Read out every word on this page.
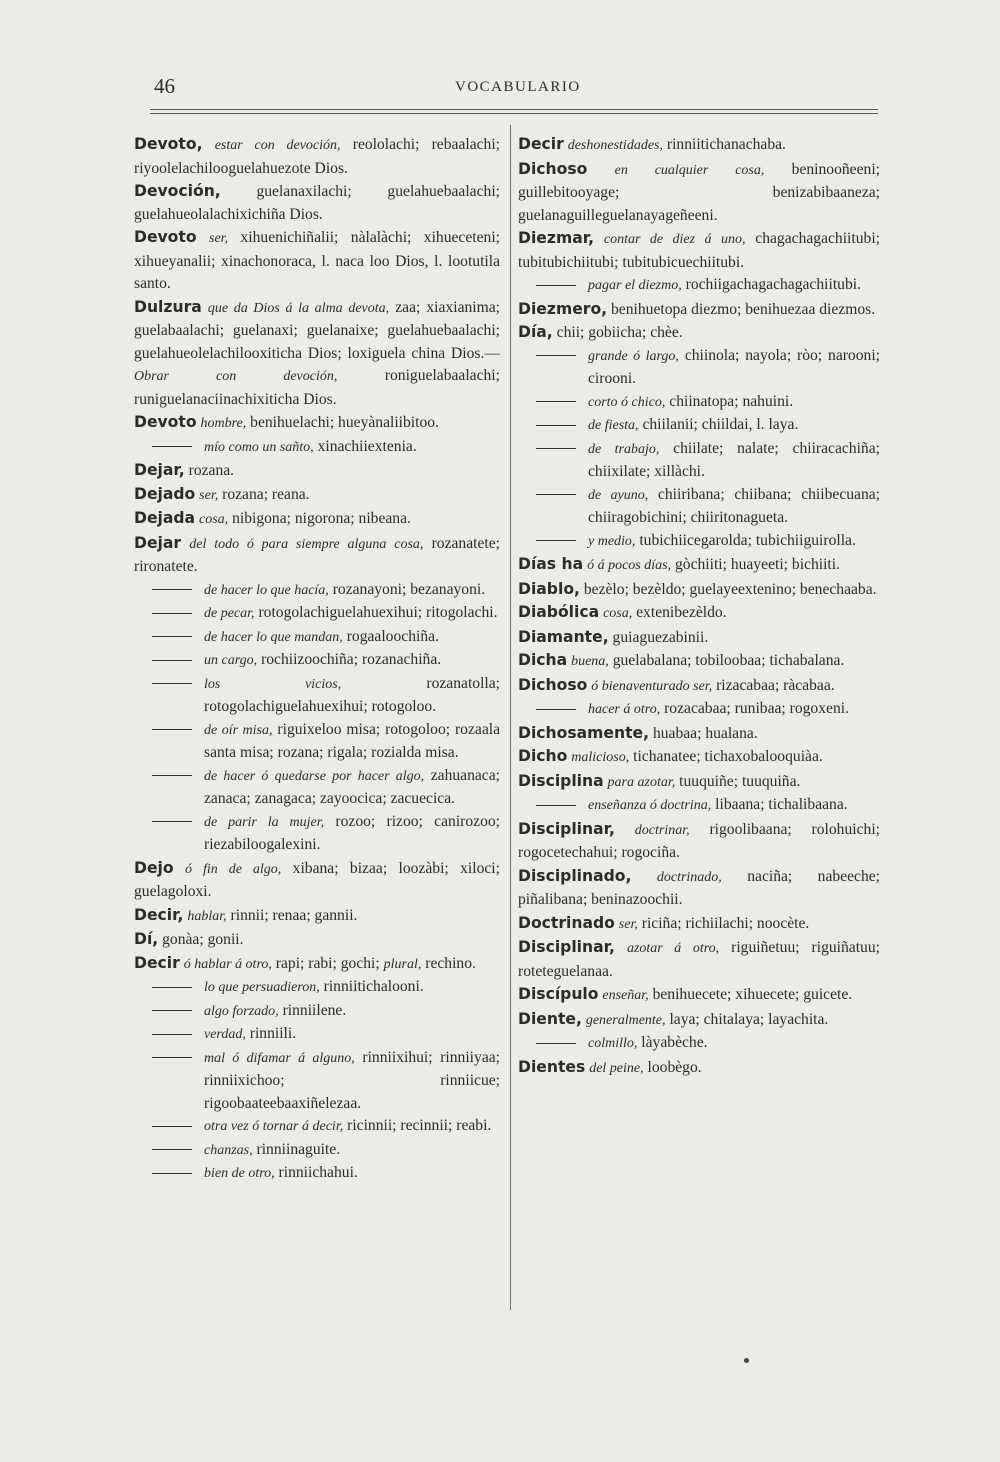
46	VOCABULARIO

Devoto, estar con devoción, reololachi; rebaalachi; riyoolelachilooguelahuezote Dios.

Devoción, guelanaxilachi; guelahuebaalachi; guelahueolalachixichiña Dios.

Devoto ser, xihuenichiñalii; nàlalàchi; xihueceteni; xihueyanalii; xinachonoraca, l. naca loo Dios, l. lootutila santo.

Dulzura que da Dios á la alma devota, zaa; xiaxianima; guelabaalachi; guelanaxi; guelanaixe; guelahuebaalachi; guelahueolelachilooxiticha Dios; loxiguela china Dios.— Obrar con devoción,	roniguelabaalachi; runiguelanaciinachixiticha Dios.

Devoto hombre, benihuelachi; hueyànaliibitoo.

mío como un sañto, xinachiiextenia.

Dejar, rozana.

Dejado ser, rozana; reana.

Dejada cosa, nibigona; nigorona; nibeana.

Dejar del todo ó para siempre alguna cosa, rozanatete; rironatete.

de hacer lo que hacía, rozanayoni; bezanayoni.

de pecar, rotogolachiguelahuexihui; ritogolachi.

de hacer lo que mandan, rogaaloochiña.

un cargo, rochiizoochiña; rozanachiña.

los vicios,	rozanatolla; rotogolachiguelahuexihui; rotogoloo.

de oír misa, riguixeloo misa; rotogoloo; rozaala santa misa; rozana; rigala; rozialda misa.

de hacer ó quedarse por hacer algo, zahuanaca; zanaca; zanagaca; zayoocica; zacuecica.

de parir la mujer, rozoo; rizoo; canirozoo; riezabiloogalexini.

Dejo ó fin de algo, xibana; bizaa; loozàbi; xiloci; guelagoloxi.

Decir, hablar, rinnii; renaa; gannii.

Dí, gonàa; gonii.

Decir ó hablar á otro, rapi; rabi; gochi; plural, rechino.

lo que persuadieron, rinniitichalooni.

algo forzado, rinniilene.

verdad, rinniili.

mal ó difamar á alguno, rinniixihui; rinniiyaa; rinniixichoo; rinniicue; rigoobaateebaaxiñelezaa.

otra vez ó tornar á decir, ricinnii; recinnii; reabi.

chanzas, rinniinaguite.

bien de otro, rinniichahui.

Decir deshonestidades, rinniitichanachaba.

Dichoso en cualquier cosa, beninooñeeni; guillebitooyage; benizabibaaneza; guelanaguilleguelanayageñeeni.

Diezmar, contar de diez á uno, chagachagachiitubi; tubitubichiitubi; tubitubicuechiitubi.

pagar el diezmo, rochiigachagachagachiitubi.

Diezmero, benihuetopa diezmo; benihuezaa diezmos.

Día, chii; gobiicha; chèe.

grande ó largo, chiinola; nayola; ròo; narooni; cirooni.

corto ó chico, chiinatopa; nahuini.

de fiesta, chiilanii; chiildai, l. laya.

de trabajo, chiilate; nalate; chiiracachiña; chiixilate; xillàchi.

de ayuno, chiiribana; chiibana; chiibecuana; chiiragobichini; chiiritonagueta.

y medio, tubichiicegarolda; tubichiiguirolla.

Días ha ó á pocos días, gòchiiti; huayeeti; bichiiti.

Diablo, bezèlo; bezèldo; guelayeextenino; benechaaba.

Diabólica cosa, extenibezèldo.

Diamante, guiaguezabinii.

Dicha buena, guelabalana; tobiloobaa; tichabalana.

Dichoso ó bienaventurado ser, rizacabaa; ràcabaa.

hacer á otro, rozacabaa; runibaa; rogoxeni.

Dichosamente, huabaa; hualana.

Dicho malicioso, tichanatee; tichaxobalooquiàa.

Disciplina para azotar, tuuquiñe; tuuquiña.

enseñanza ó doctrina, libaana; tichalibaana.

Disciplinar, doctrinar, rigoolibaana; rolohuichi; rogocetechahui; rogociña.

Disciplinado, doctrinado, naciña; nabeeche; piñalibana; beninazoochii.

Doctrinado ser, riciña; richiilachi; noocète.

Disciplinar, azotar á otro, riguiñetuu; riguiñatuu; roteteguelanaa.

Discípulo enseñar, benihuecete; xihuecete; guicete.

Diente, generalmente, laya; chitalaya; layachita.

colmillo, làyabèche.

Dientes del peine, loobègo.
